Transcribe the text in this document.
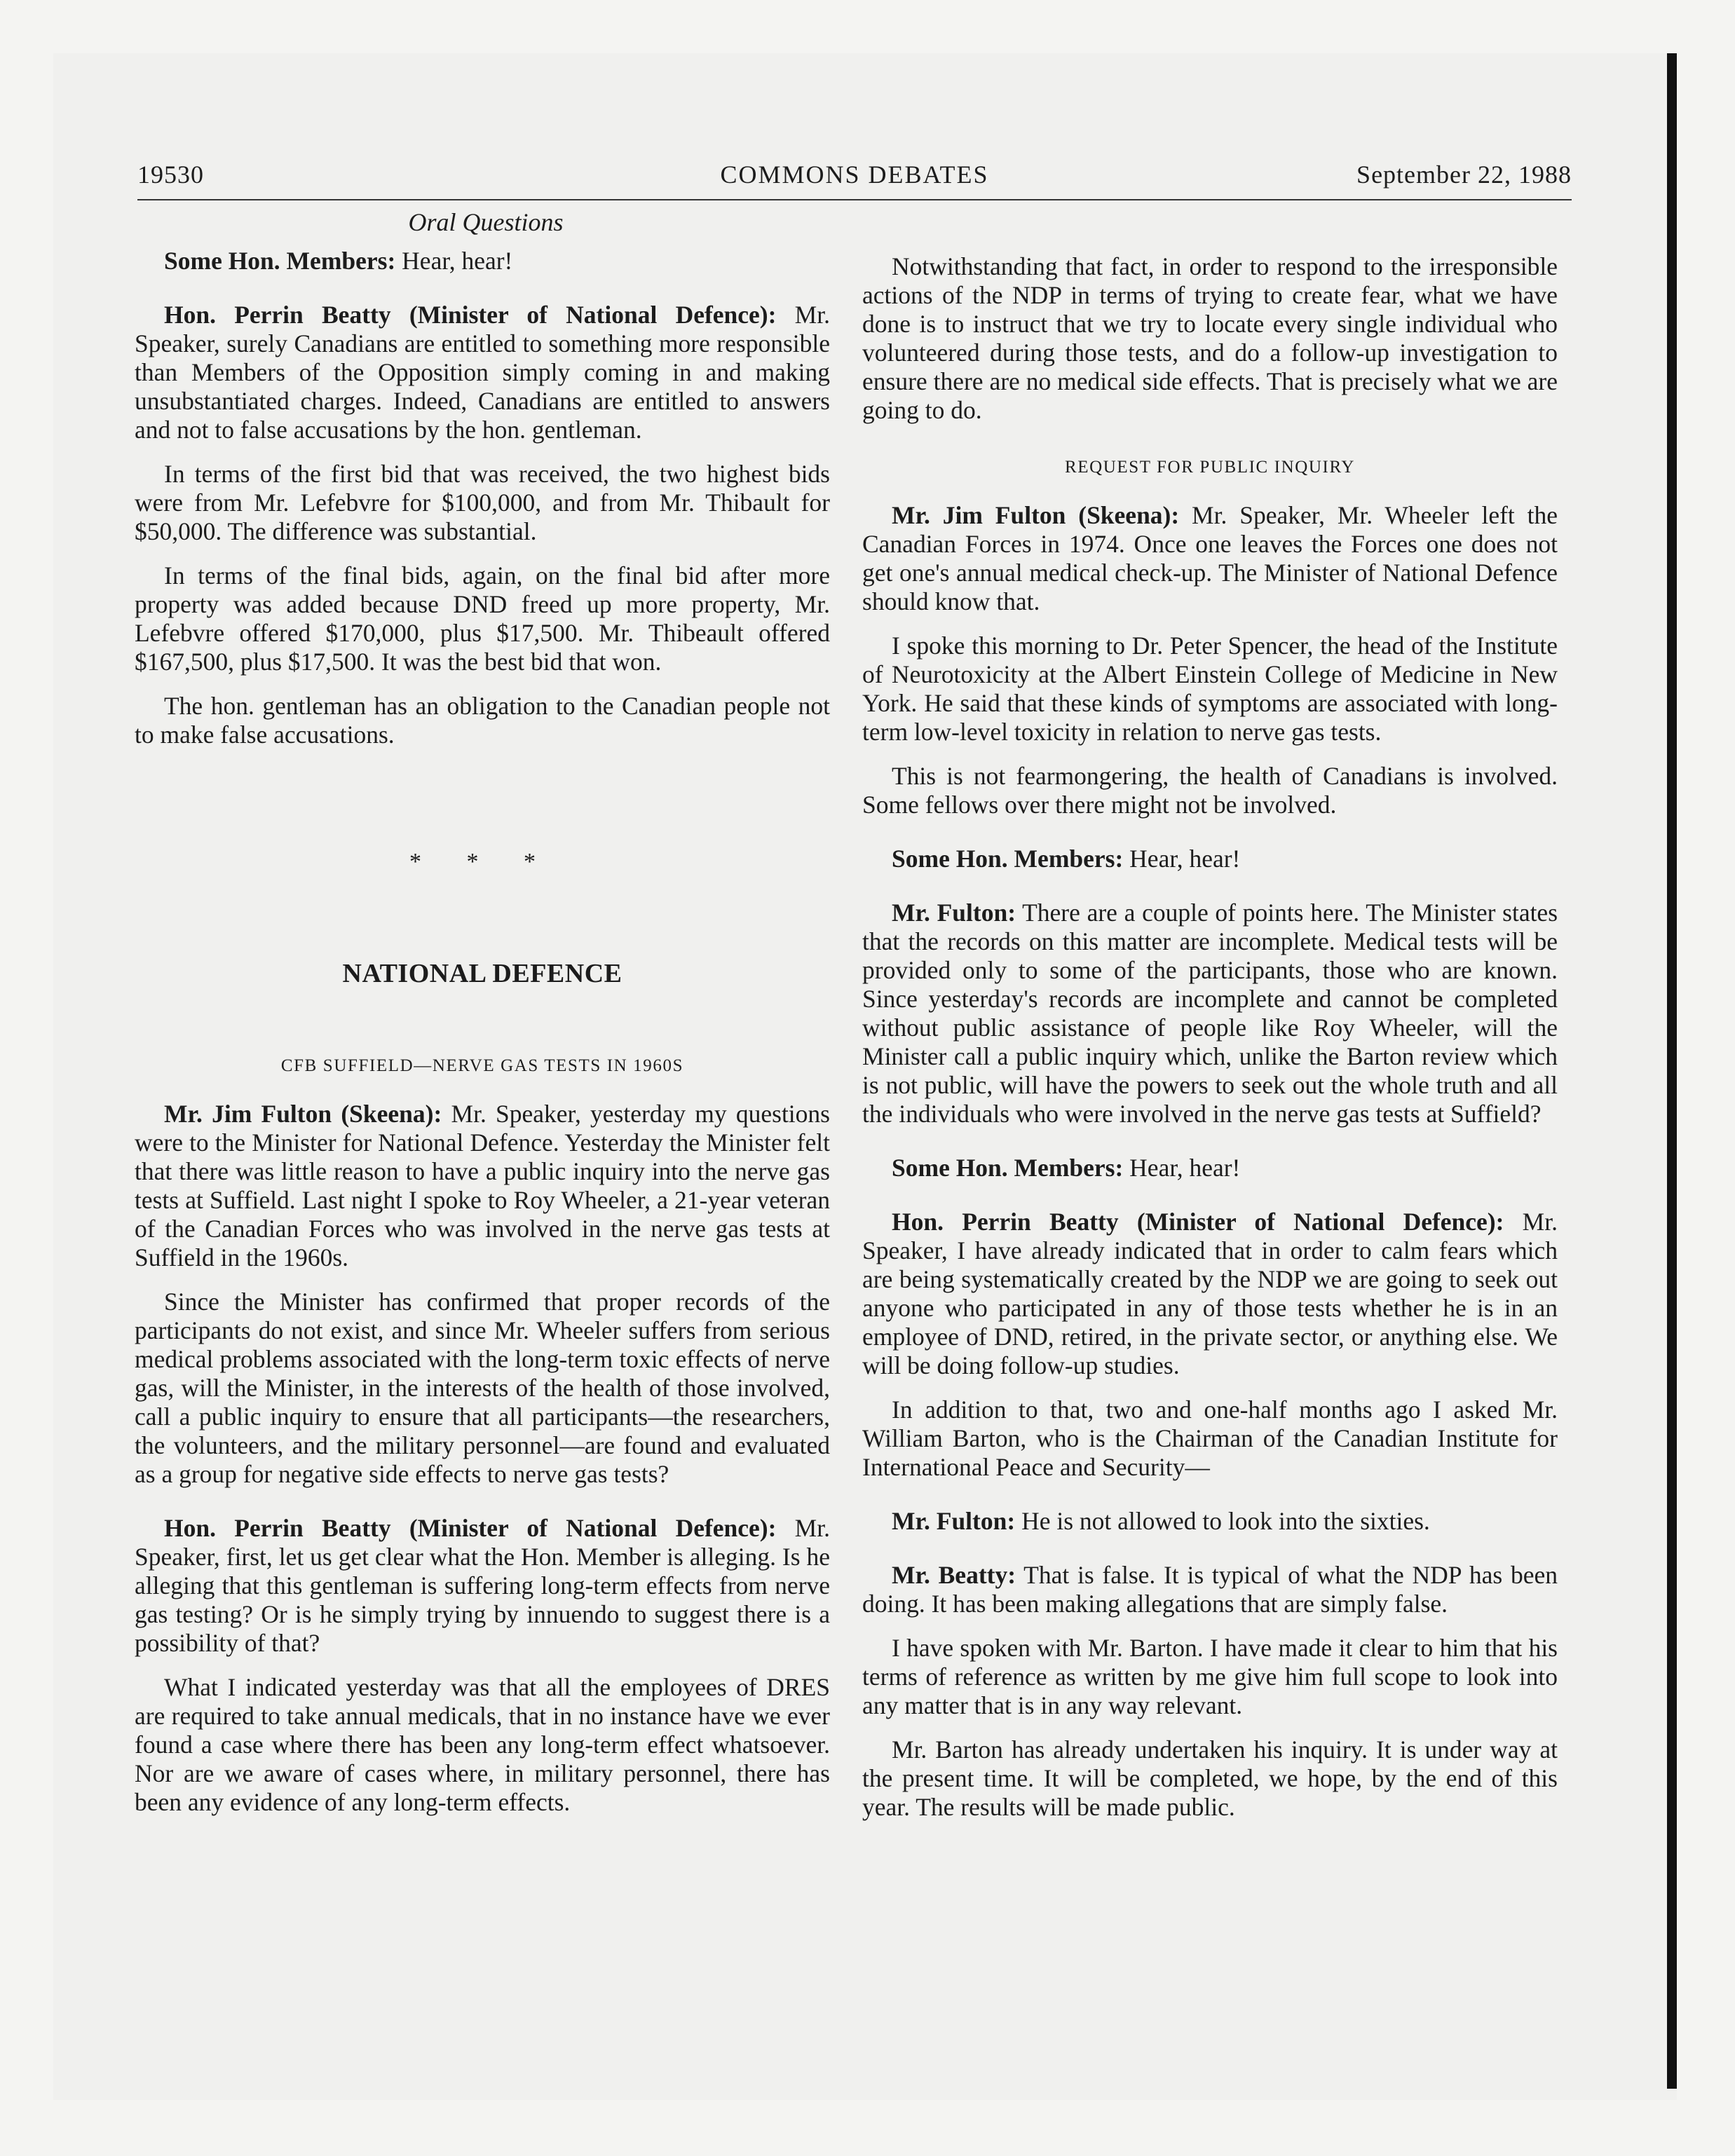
19530	COMMONS DEBATES	September 22, 1988
Oral Questions

Some Hon. Members: Hear, hear!

Hon. Perrin Beatty (Minister of National Defence): Mr. Speaker, surely Canadians are entitled to something more responsible than Members of the Opposition simply coming in and making unsubstantiated charges. Indeed, Canadians are entitled to answers and not to false accusations by the hon. gentleman.

In terms of the first bid that was received, the two highest bids were from Mr. Lefebvre for $100,000, and from Mr. Thibault for $50,000. The difference was substantial.

In terms of the final bids, again, on the final bid after more property was added because DND freed up more property, Mr. Lefebvre offered $170,000, plus $17,500. Mr. Thibeault offered $167,500, plus $17,500. It was the best bid that won.

The hon. gentleman has an obligation to the Canadian people not to make false accusations.

* * *
NATIONAL DEFENCE
CFB SUFFIELD—NERVE GAS TESTS IN 1960S

Mr. Jim Fulton (Skeena): Mr. Speaker, yesterday my questions were to the Minister for National Defence. Yesterday the Minister felt that there was little reason to have a public inquiry into the nerve gas tests at Suffield. Last night I spoke to Roy Wheeler, a 21-year veteran of the Canadian Forces who was involved in the nerve gas tests at Suffield in the 1960s.

Since the Minister has confirmed that proper records of the participants do not exist, and since Mr. Wheeler suffers from serious medical problems associated with the long-term toxic effects of nerve gas, will the Minister, in the interests of the health of those involved, call a public inquiry to ensure that all participants—the researchers, the volunteers, and the military personnel—are found and evaluated as a group for negative side effects to nerve gas tests?

Hon. Perrin Beatty (Minister of National Defence): Mr. Speaker, first, let us get clear what the Hon. Member is alleging. Is he alleging that this gentleman is suffering long-term effects from nerve gas testing? Or is he simply trying by innuendo to suggest there is a possibility of that?

What I indicated yesterday was that all the employees of DRES are required to take annual medicals, that in no instance have we ever found a case where there has been any long-term effect whatsoever. Nor are we aware of cases where, in military personnel, there has been any evidence of any long-term effects.

Notwithstanding that fact, in order to respond to the irresponsible actions of the NDP in terms of trying to create fear, what we have done is to instruct that we try to locate every single individual who volunteered during those tests, and do a follow-up investigation to ensure there are no medical side effects. That is precisely what we are going to do.

REQUEST FOR PUBLIC INQUIRY

Mr. Jim Fulton (Skeena): Mr. Speaker, Mr. Wheeler left the Canadian Forces in 1974. Once one leaves the Forces one does not get one's annual medical check-up. The Minister of National Defence should know that.

I spoke this morning to Dr. Peter Spencer, the head of the Institute of Neurotoxicity at the Albert Einstein College of Medicine in New York. He said that these kinds of symptoms are associated with long-term low-level toxicity in relation to nerve gas tests.

This is not fearmongering, the health of Canadians is involved. Some fellows over there might not be involved.

Some Hon. Members: Hear, hear!

Mr. Fulton: There are a couple of points here. The Minister states that the records on this matter are incomplete. Medical tests will be provided only to some of the participants, those who are known. Since yesterday's records are incomplete and cannot be completed without public assistance of people like Roy Wheeler, will the Minister call a public inquiry which, unlike the Barton review which is not public, will have the powers to seek out the whole truth and all the individuals who were involved in the nerve gas tests at Suffield?

Some Hon. Members: Hear, hear!

Hon. Perrin Beatty (Minister of National Defence): Mr. Speaker, I have already indicated that in order to calm fears which are being systematically created by the NDP we are going to seek out anyone who participated in any of those tests whether he is in an employee of DND, retired, in the private sector, or anything else. We will be doing follow-up studies.

In addition to that, two and one-half months ago I asked Mr. William Barton, who is the Chairman of the Canadian Institute for International Peace and Security—

Mr. Fulton: He is not allowed to look into the sixties.

Mr. Beatty: That is false. It is typical of what the NDP has been doing. It has been making allegations that are simply false.

I have spoken with Mr. Barton. I have made it clear to him that his terms of reference as written by me give him full scope to look into any matter that is in any way relevant.

Mr. Barton has already undertaken his inquiry. It is under way at the present time. It will be completed, we hope, by the end of this year. The results will be made public.
